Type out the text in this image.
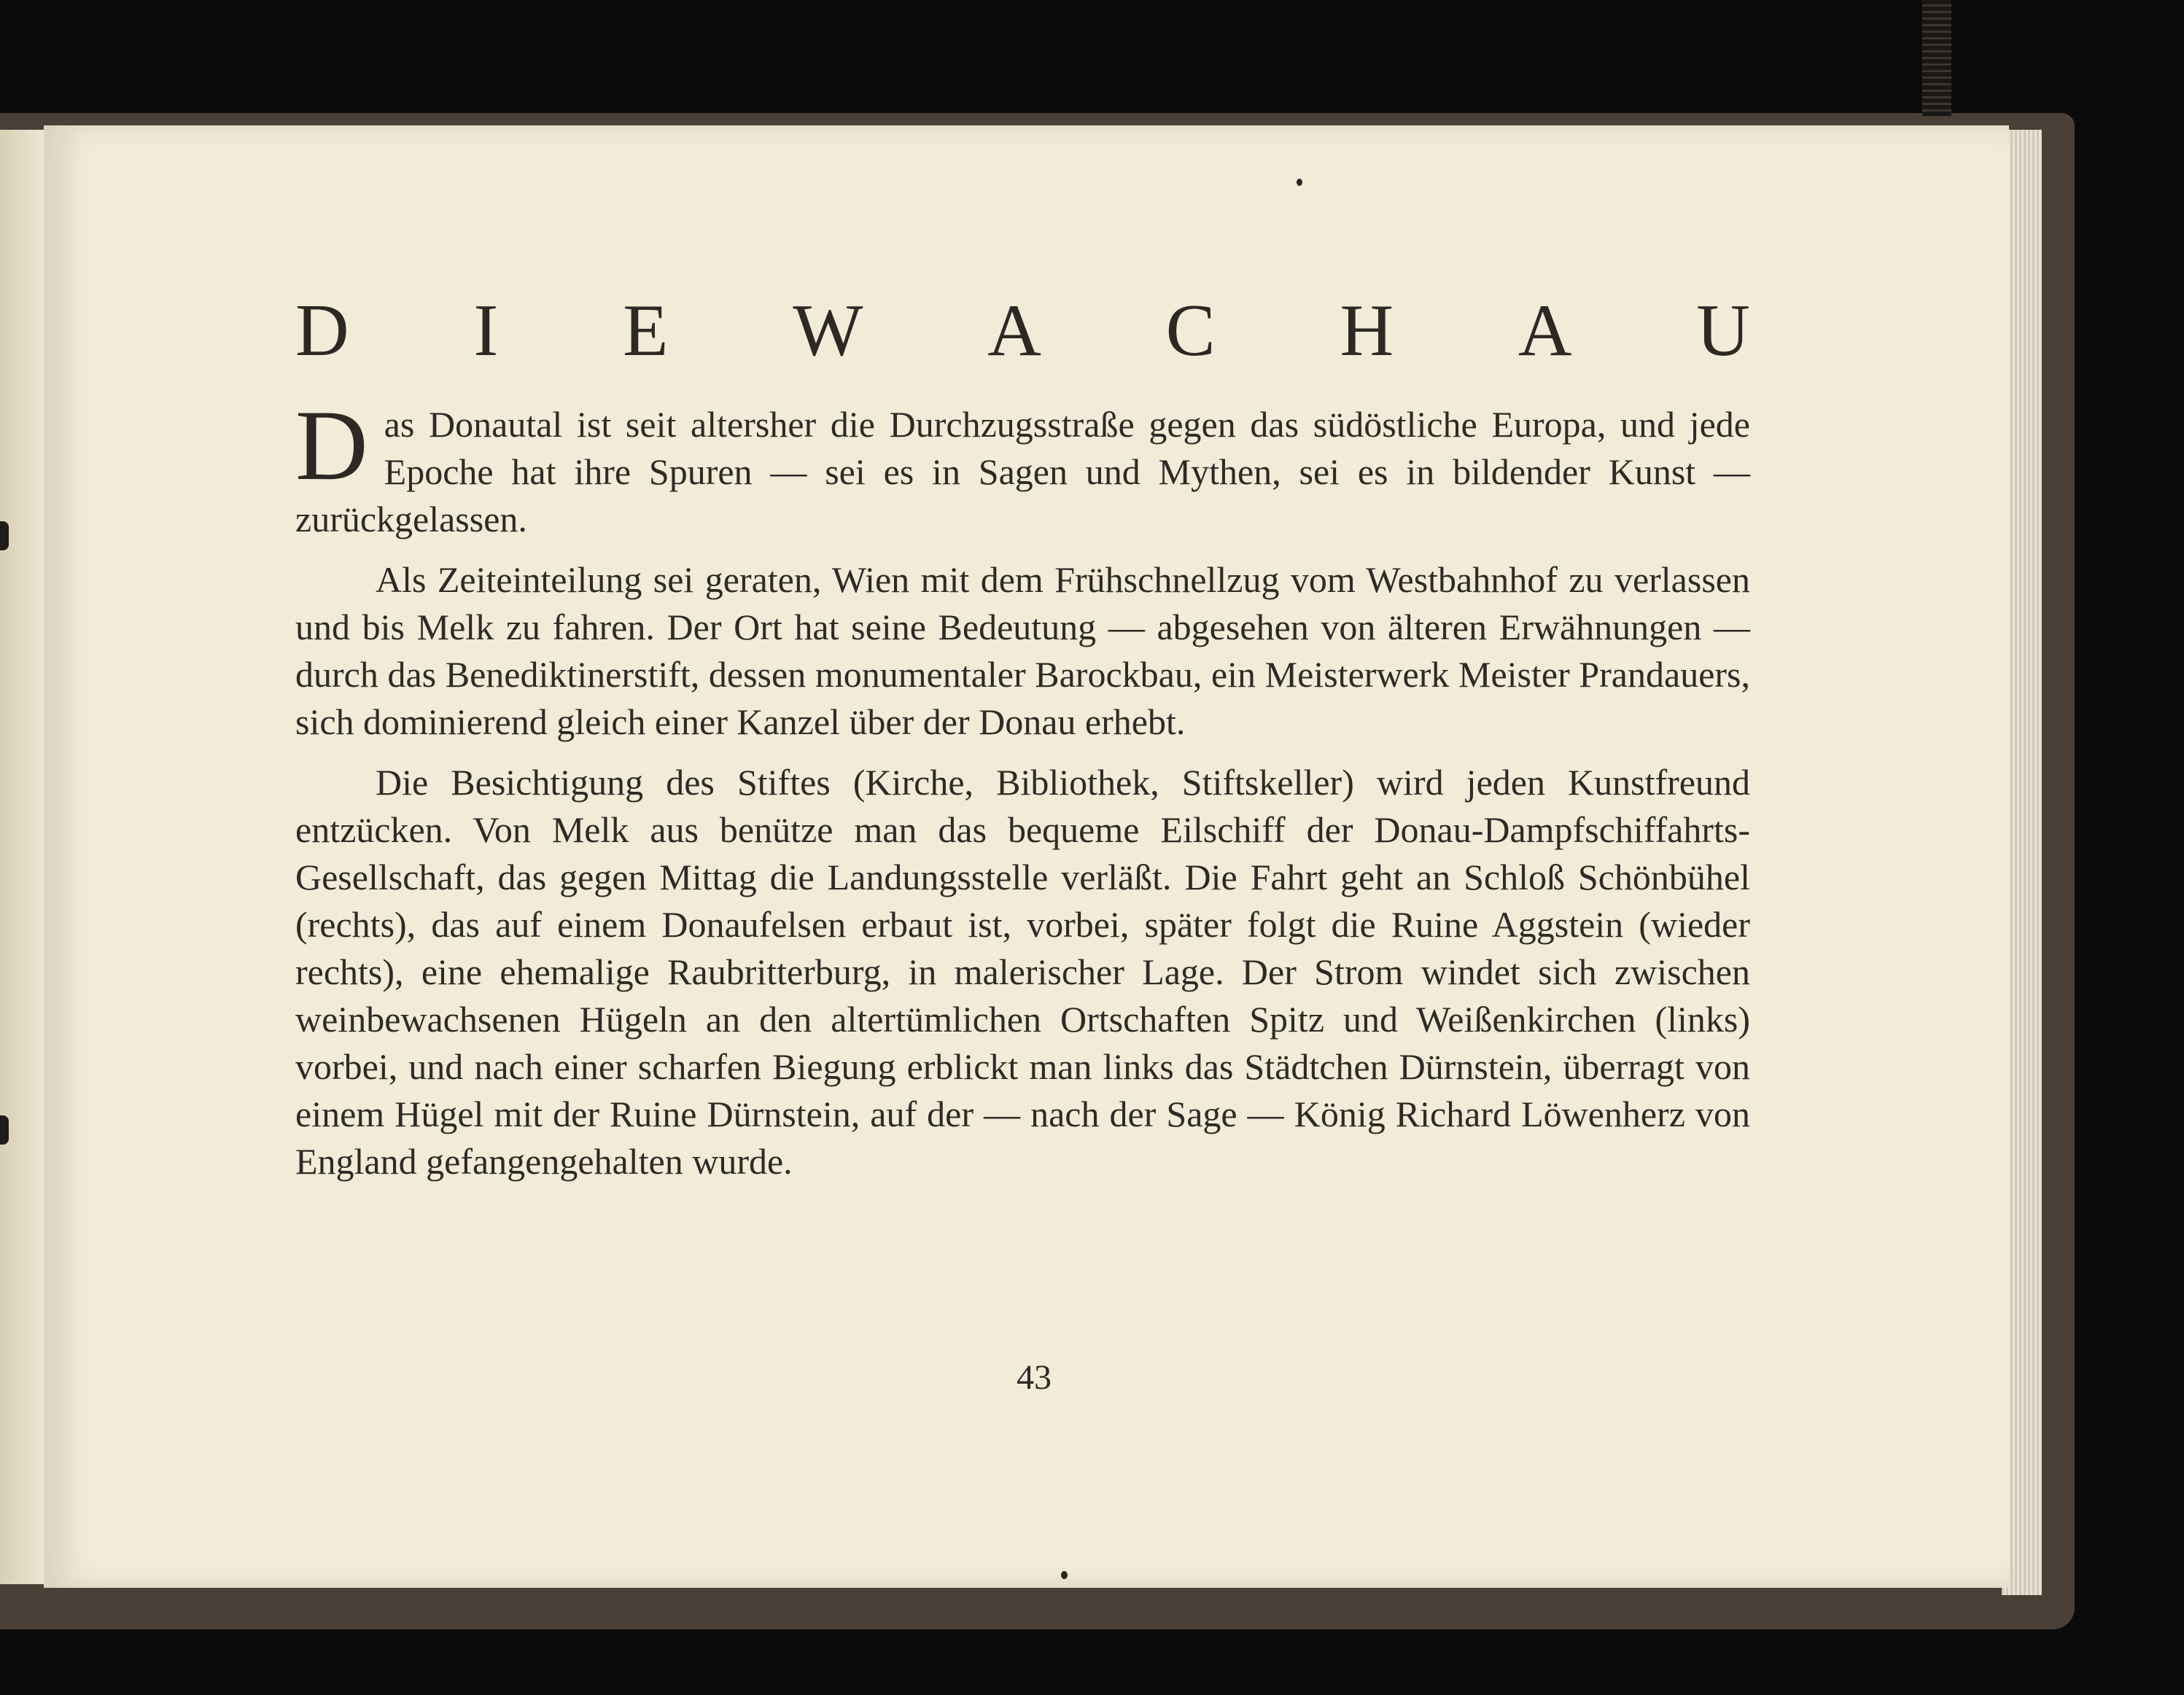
D I E W A C H A U

Das Donautal ist seit altersher die Durchzugsstraße gegen das südöstliche Europa, und jede Epoche hat ihre Spuren — sei es in Sagen und Mythen, sei es in bildender Kunst — zurückgelassen.

Als Zeiteinteilung sei geraten, Wien mit dem Frühschnellzug vom Westbahnhof zu verlassen und bis Melk zu fahren. Der Ort hat seine Bedeutung — abgesehen von älteren Erwähnungen — durch das Benediktinerstift, dessen monumentaler Barockbau, ein Meisterwerk Meister Prandauers, sich dominierend gleich einer Kanzel über der Donau erhebt.

Die Besichtigung des Stiftes (Kirche, Bibliothek, Stiftskeller) wird jeden Kunstfreund entzücken. Von Melk aus benütze man das bequeme Eilschiff der Donau-Dampfschiffahrts-Gesellschaft, das gegen Mittag die Landungsstelle verläßt. Die Fahrt geht an Schloß Schönbühel (rechts), das auf einem Donaufelsen erbaut ist, vorbei, später folgt die Ruine Aggstein (wieder rechts), eine ehemalige Raubritterburg, in malerischer Lage. Der Strom windet sich zwischen weinbewachsenen Hügeln an den altertümlichen Ortschaften Spitz und Weißenkirchen (links) vorbei, und nach einer scharfen Biegung erblickt man links das Städtchen Dürnstein, überragt von einem Hügel mit der Ruine Dürnstein, auf der — nach der Sage — König Richard Löwenherz von England gefangengehalten wurde.

43
